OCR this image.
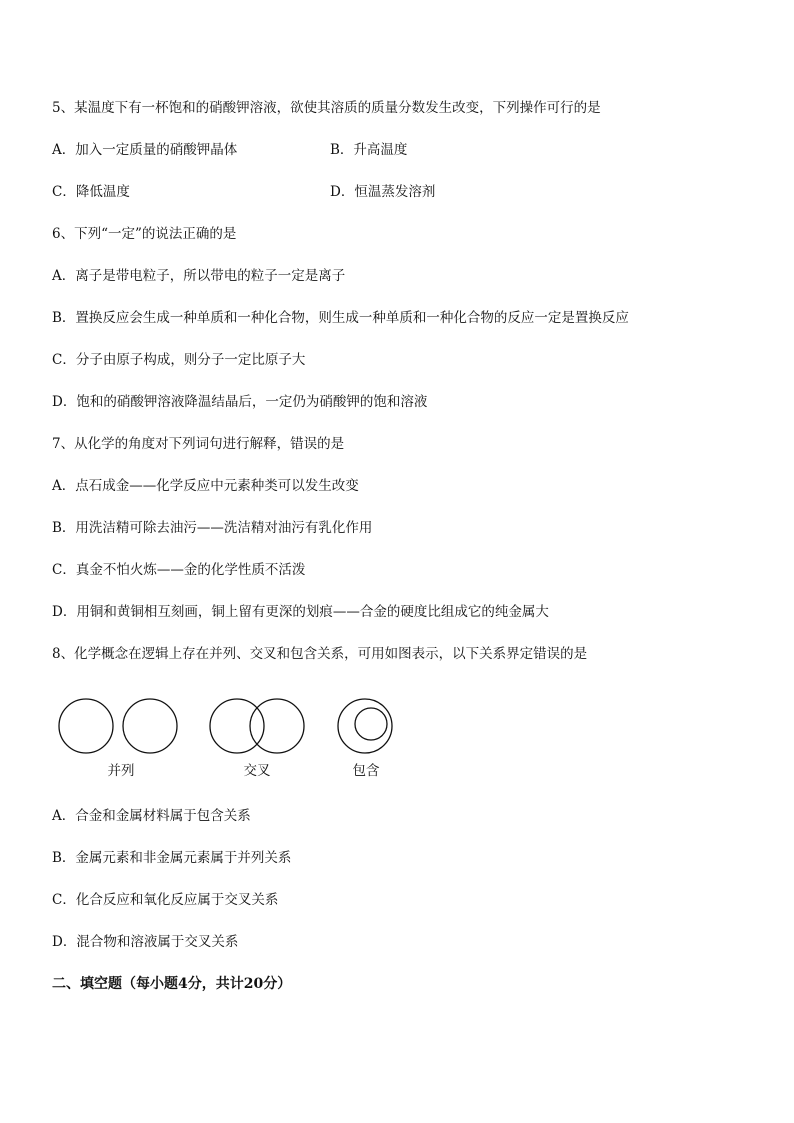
5、某温度下有一杯饱和的硝酸钾溶液，欲使其溶质的质量分数发生改变，下列操作可行的是
A．加入一定质量的硝酸钾晶体	B．升高温度
C．降低温度	D．恒温蒸发溶剂
6、下列“一定”的说法正确的是
A．离子是带电粒子，所以带电的粒子一定是离子
B．置换反应会生成一种单质和一种化合物，则生成一种单质和一种化合物的反应一定是置换反应
C．分子由原子构成，则分子一定比原子大
D．饱和的硝酸钾溶液降温结晶后，一定仍为硝酸钾的饱和溶液
7、从化学的角度对下列词句进行解释，错误的是
A．点石成金——化学反应中元素种类可以发生改变
B．用洗洁精可除去油污——洗洁精对油污有乳化作用
C．真金不怕火炼——金的化学性质不活泼
D．用铜和黄铜相互刻画，铜上留有更深的划痕——合金的硬度比组成它的纯金属大
8、化学概念在逻辑上存在并列、交叉和包含关系，可用如图表示，以下关系界定错误的是
并列	交叉	包含
A．合金和金属材料属于包含关系
B．金属元素和非金属元素属于并列关系
C．化合反应和氧化反应属于交叉关系
D．混合物和溶液属于交叉关系
二、填空题（每小题4分，共计20分）
